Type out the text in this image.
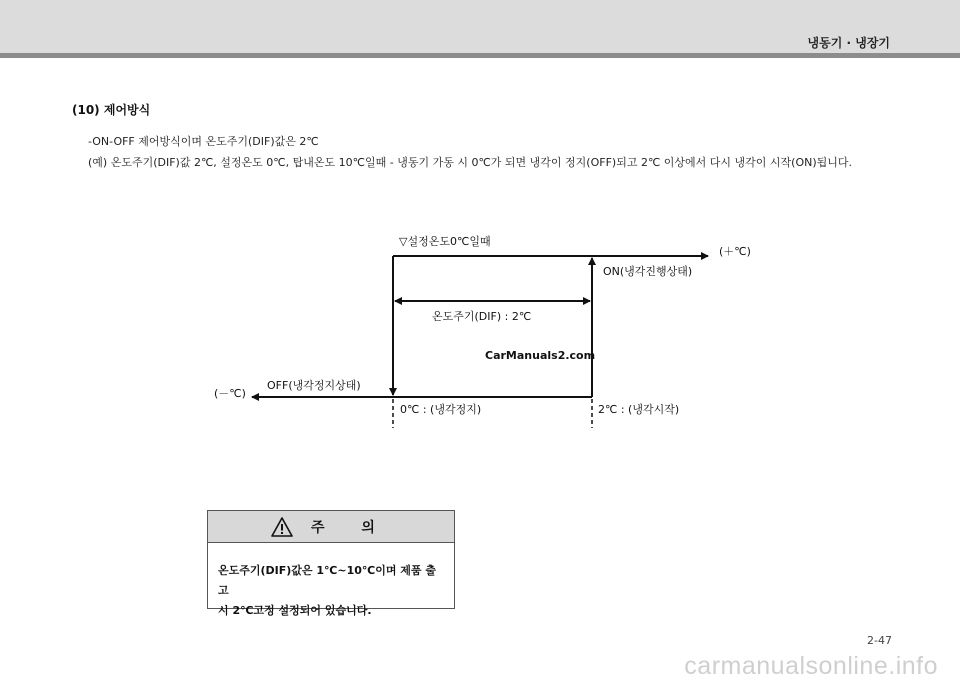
냉동기 · 냉장기
(10) 제어방식
-ON-OFF 제어방식이며 온도주기(DIF)값은 2℃
(예) 온도주기(DIF)값 2℃, 설정온도 0℃, 탑내온도 10℃일때 - 냉동기 가동 시 0℃가 되면 냉각이 정지(OFF)되고 2℃ 이상에서 다시 냉각이 시작(ON)됩니다.
▽설정온도0℃일때
(＋℃)
ON(냉각진행상태)
온도주기(DIF) : 2℃
OFF(냉각정지상태)
(－℃)
0℃ : (냉각정지)	2℃ : (냉각시작)
CarManuals2.com
주 의
온도주기(DIF)값은 1℃~10℃이며 제품 출고
시 2℃고정 설정되어 있습니다.
2-47
carmanualsonline.info
